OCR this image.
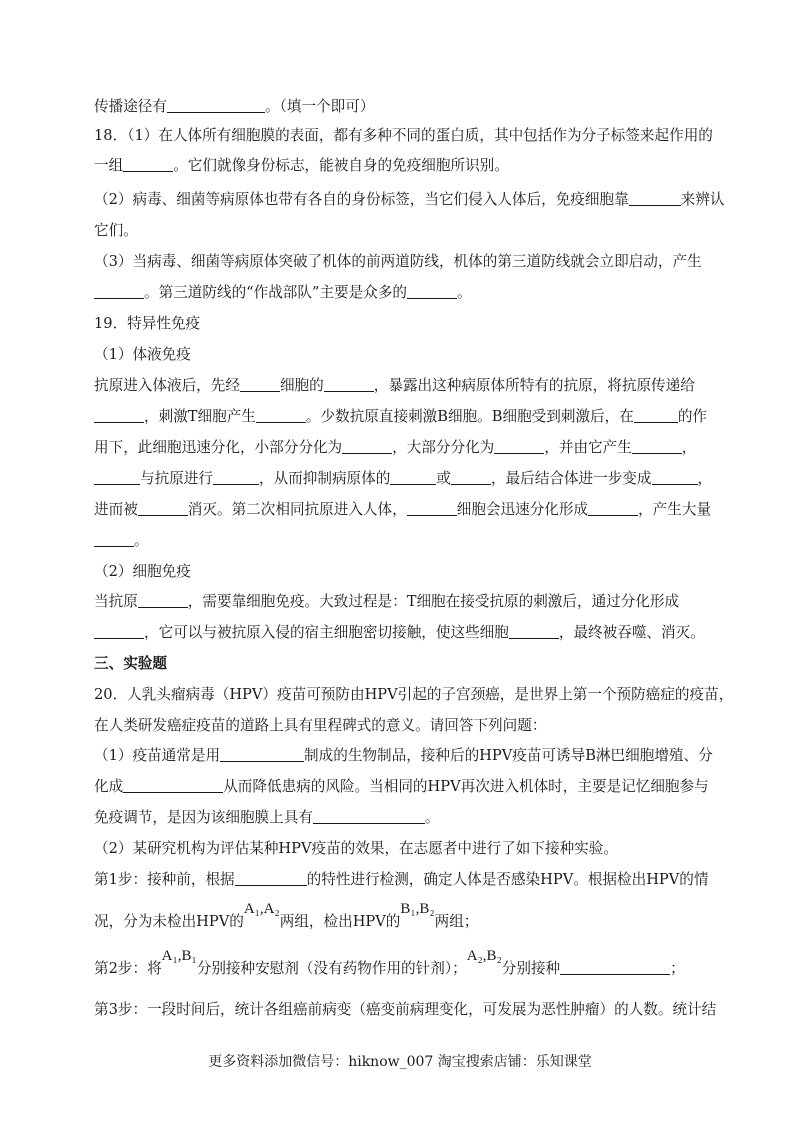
传播途径有	。（填一个即可）
18．（1）在人体所有细胞膜的表面，都有多种不同的蛋白质，其中包括作为分子标签来起作用的
一组	。它们就像身份标志，能被自身的免疫细胞所识别。
（2）病毒、细菌等病原体也带有各自的身份标签，当它们侵入人体后，免疫细胞靠	来辨认
它们。
（3）当病毒、细菌等病原体突破了机体的前两道防线，机体的第三道防线就会立即启动，产生
。第三道防线的“作战部队”主要是众多的	。
19．特异性免疫
（1）体液免疫
抗原进入体液后，先经	细胞的	，暴露出这种病原体所特有的抗原，将抗原传递给
，刺激T细胞产生	。少数抗原直接刺激B细胞。B细胞受到刺激后，在	的作
用下，此细胞迅速分化，小部分分化为	，大部分分化为	，并由它产生	，
与抗原进行	，从而抑制病原体的	或	，最后结合体进一步变成	，
进而被	消灭。第二次相同抗原进入人体，	细胞会迅速分化形成	，产生大量
。
（2）细胞免疫
当抗原	，需要靠细胞免疫。大致过程是：T细胞在接受抗原的刺激后，通过分化形成
，它可以与被抗原入侵的宿主细胞密切接触，使这些细胞	，最终被吞噬、消灭。
三、实验题
20．人乳头瘤病毒（HPV）疫苗可预防由HPV引起的子宫颈癌，是世界上第一个预防癌症的疫苗，
在人类研发癌症疫苗的道路上具有里程碑式的意义。请回答下列问题：
（1）疫苗通常是用	制成的生物制品，接种后的HPV疫苗可诱导B淋巴细胞增殖、分
化成	从而降低患病的风险。当相同的HPV再次进入机体时，主要是记忆细胞参与
免疫调节，是因为该细胞膜上具有	。
（2）某研究机构为评估某种HPV疫苗的效果，在志愿者中进行了如下接种实验。
第1步：接种前，根据	的特性进行检测，确定人体是否感染HPV。根据检出HPV的情
况，分为未检出HPV的A₁,A₂两组，检出HPV的B₁,B₂两组；
第2步：将A₁,B₁分别接种安慰剂（没有药物作用的针剂）；A₂,B₂分别接种	；
第3步：一段时间后，统计各组癌前病变（癌变前病理变化，可发展为恶性肿瘤）的人数。统计结
更多资料添加微信号：hiknow_007 淘宝搜索店铺：乐知课堂
